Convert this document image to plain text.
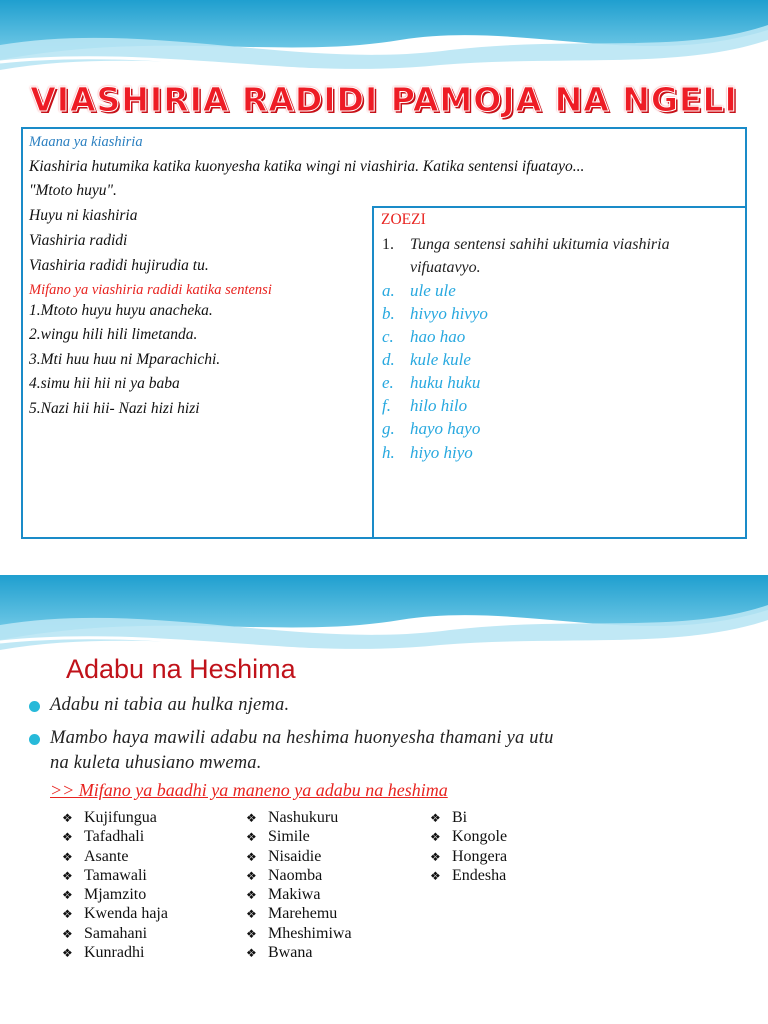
VIASHIRIA RADIDI PAMOJA NA NGELI
Maana ya kiashiria
Kiashiria hutumika katika kuonyesha katika wingi ni viashiria. Katika sentensi ifuatayo...
"Mtoto huyu".
Huyu ni kiashiria
Viashiria radidi
Viashiria radidi hujirudia tu.
Mifano ya viashiria radidi katika sentensi
1.Mtoto huyu huyu anacheka.
2.wingu hili hili limetanda.
3.Mti huu huu ni Mparachichi.
4.simu hii hii ni ya baba
5.Nazi hii hii- Nazi hizi hizi
ZOEZI
1. Tunga sentensi sahihi ukitumia viashiria
vifuatavyo.
a. ule ule
b. hivyo hivyo
c. hao hao
d. kule kule
e. huku huku
f. hilo hilo
g. hayo hayo
h. hiyo hiyo
Adabu na Heshima
Adabu ni tabia au hulka njema.
Mambo haya mawili adabu na heshima huonyesha thamani ya utu
na kuleta uhusiano mwema.
>> Mifano ya baadhi ya maneno ya adabu na heshima
❖ Kujifungua
❖ Tafadhali
❖ Asante
❖ Tamawali
❖ Mjamzito
❖ Kwenda haja
❖ Samahani
❖ Kunradhi
❖ Nashukuru
❖ Simile
❖ Nisaidie
❖ Naomba
❖ Makiwa
❖ Marehemu
❖ Mheshimiwa
❖ Bwana
❖ Bi
❖ Kongole
❖ Hongera
❖ Endesha
